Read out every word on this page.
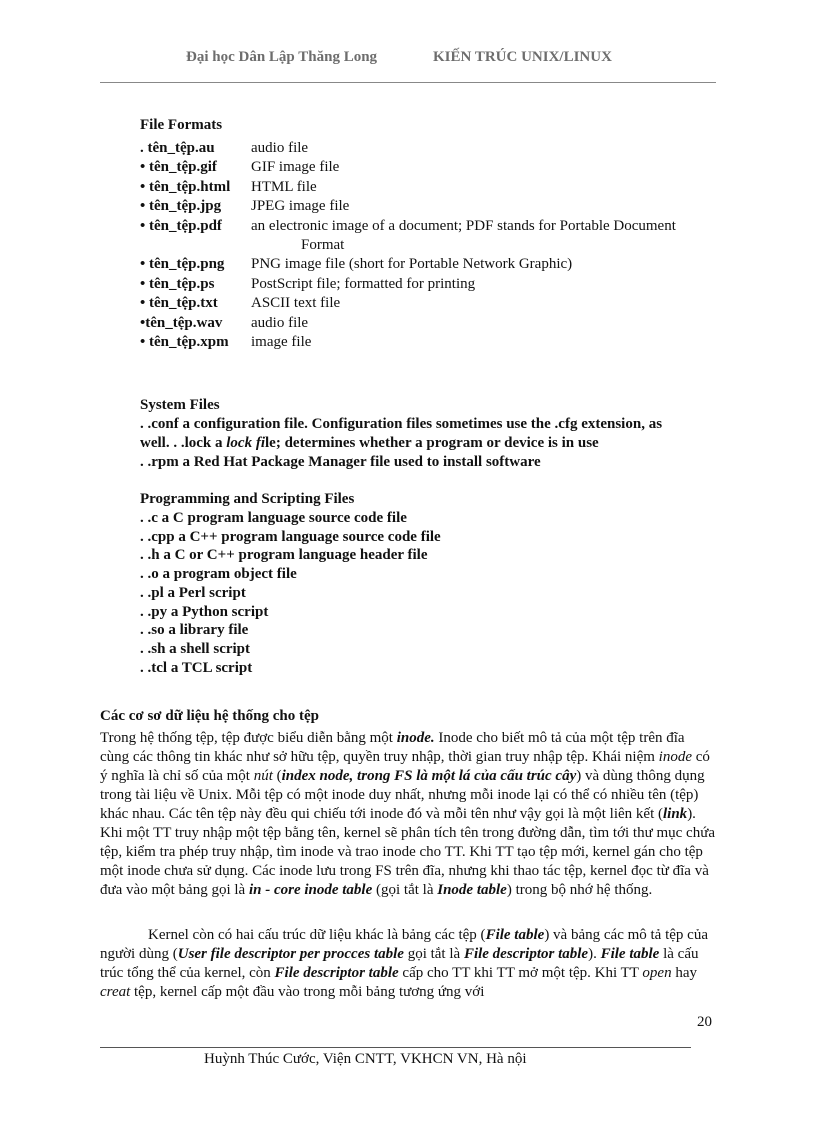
Đại học Dân Lập Thăng Long	KIẾN TRÚC UNIX/LINUX
File Formats
. tên_tệp.au audio file
• tên_tệp.gif GIF image file
• tên_tệp.html HTML file
• tên_tệp.jpg JPEG image file
• tên_tệp.pdf an electronic image of a document; PDF stands for Portable Document
Format
• tên_tệp.png PNG image file (short for Portable Network Graphic)
• tên_tệp.ps PostScript file; formatted for printing
• tên_tệp.txt ASCII text file
•tên_tệp.wav audio file
• tên_tệp.xpm image file
System Files
. .conf a configuration file. Configuration files sometimes use the .cfg extension, as
well. . .lock a lock file; determines whether a program or device is in use
. .rpm a Red Hat Package Manager file used to install software
Programming and Scripting Files
. .c a C program language source code file
. .cpp a C++ program language source code file
. .h a C or C++ program language header file
. .o a program object file
. .pl a Perl script
. .py a Python script
. .so a library file
. .sh a shell script
. .tcl a TCL script
Các cơ sơ dữ liệu hệ thống cho tệp

Trong hệ thống tệp, tệp được biểu diễn bằng một inode. Inode cho biết mô tả của một tệp trên đĩa cùng các thông tin khác như sở hữu tệp, quyền truy nhập, thời gian truy nhập tệp. Khái niệm inode có ý nghĩa là chỉ số của một nút (index node, trong FS là một lá của cấu trúc cây) và dùng thông dụng trong tài liệu về Unix. Mỗi tệp có một inode duy nhất, nhưng mỗi inode lại có thể có nhiều tên (tệp) khác nhau. Các tên tệp này đều qui chiếu tới inode đó và mỗi tên như vậy gọi là một liên kết (link). Khi một TT truy nhập một tệp bằng tên, kernel sẽ phân tích tên trong đường dẫn, tìm tới thư mục chứa tệp, kiểm tra phép truy nhập, tìm inode và trao inode cho TT. Khi TT tạo tệp mới, kernel gán cho tệp một inode chưa sử dụng. Các inode lưu trong FS trên đĩa, nhưng khi thao tác tệp, kernel đọc từ đĩa và đưa vào một bảng gọi là in - core inode table (gọi tắt là Inode table) trong bộ nhớ hệ thống.

Kernel còn có hai cấu trúc dữ liệu khác là bảng các tệp (File table) và bảng các mô tả tệp của người dùng (User file descriptor per procces table gọi tắt là File descriptor table). File table là cấu trúc tổng thể của kernel, còn File descriptor table cấp cho TT khi TT mở một tệp. Khi TT open hay creat tệp, kernel cấp một đầu vào trong mỗi bảng tương ứng với

20
Huỳnh Thúc Cước, Viện CNTT, VKHCN VN, Hà nội
